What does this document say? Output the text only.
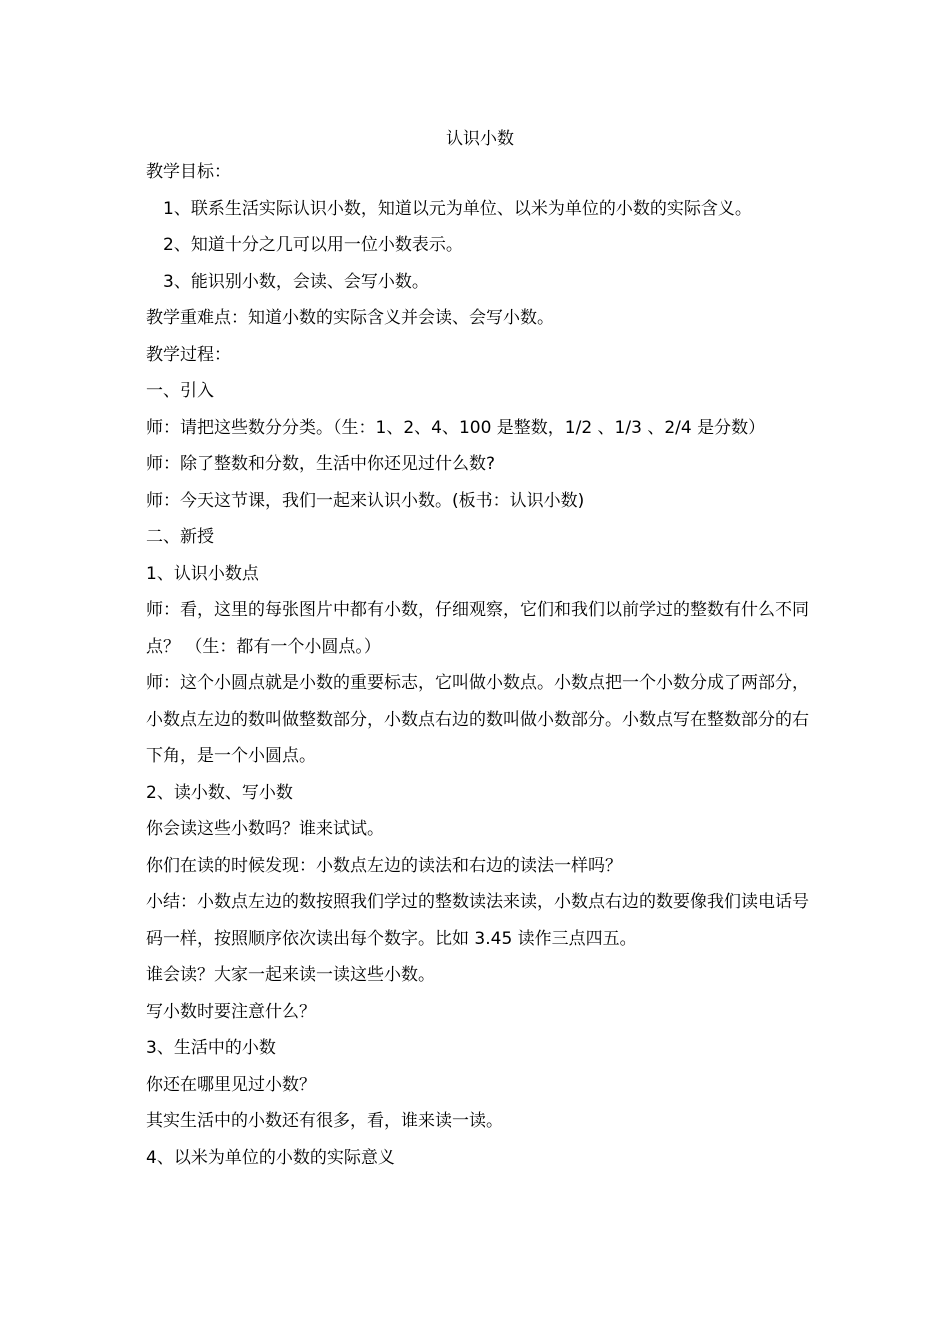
认识小数

教学目标：

1、联系生活实际认识小数，知道以元为单位、以米为单位的小数的实际含义。

2、知道十分之几可以用一位小数表示。

3、能识别小数，会读、会写小数。

教学重难点：知道小数的实际含义并会读、会写小数。

教学过程：

一、引入

师：请把这些数分分类。（生：1、2、4、100 是整数，1/2 、1/3 、2/4 是分数）

师：除了整数和分数，生活中你还见过什么数?

师：今天这节课，我们一起来认识小数。(板书：认识小数)

二、新授

1、认识小数点

师：看，这里的每张图片中都有小数，仔细观察，它们和我们以前学过的整数有什么不同点？ （生：都有一个小圆点。）

师：这个小圆点就是小数的重要标志，它叫做小数点。小数点把一个小数分成了两部分，小数点左边的数叫做整数部分，小数点右边的数叫做小数部分。小数点写在整数部分的右下角，是一个小圆点。

2、读小数、写小数

你会读这些小数吗？谁来试试。

你们在读的时候发现：小数点左边的读法和右边的读法一样吗？

小结：小数点左边的数按照我们学过的整数读法来读，小数点右边的数要像我们读电话号码一样，按照顺序依次读出每个数字。比如 3.45 读作三点四五。

谁会读？大家一起来读一读这些小数。

写小数时要注意什么？

3、生活中的小数

你还在哪里见过小数？

其实生活中的小数还有很多，看，谁来读一读。

4、以米为单位的小数的实际意义
